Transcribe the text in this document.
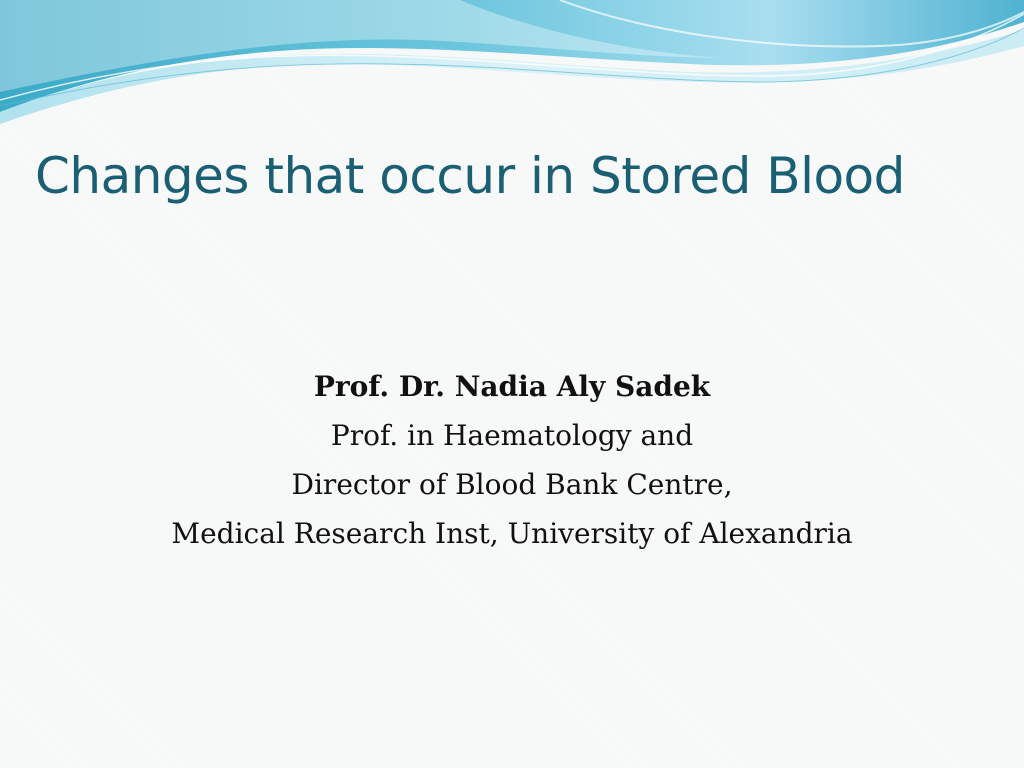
Changes that occur in Stored Blood
Prof. Dr. Nadia Aly Sadek
Prof. in Haematology and
Director of Blood Bank Centre,
Medical Research Inst, University of Alexandria
